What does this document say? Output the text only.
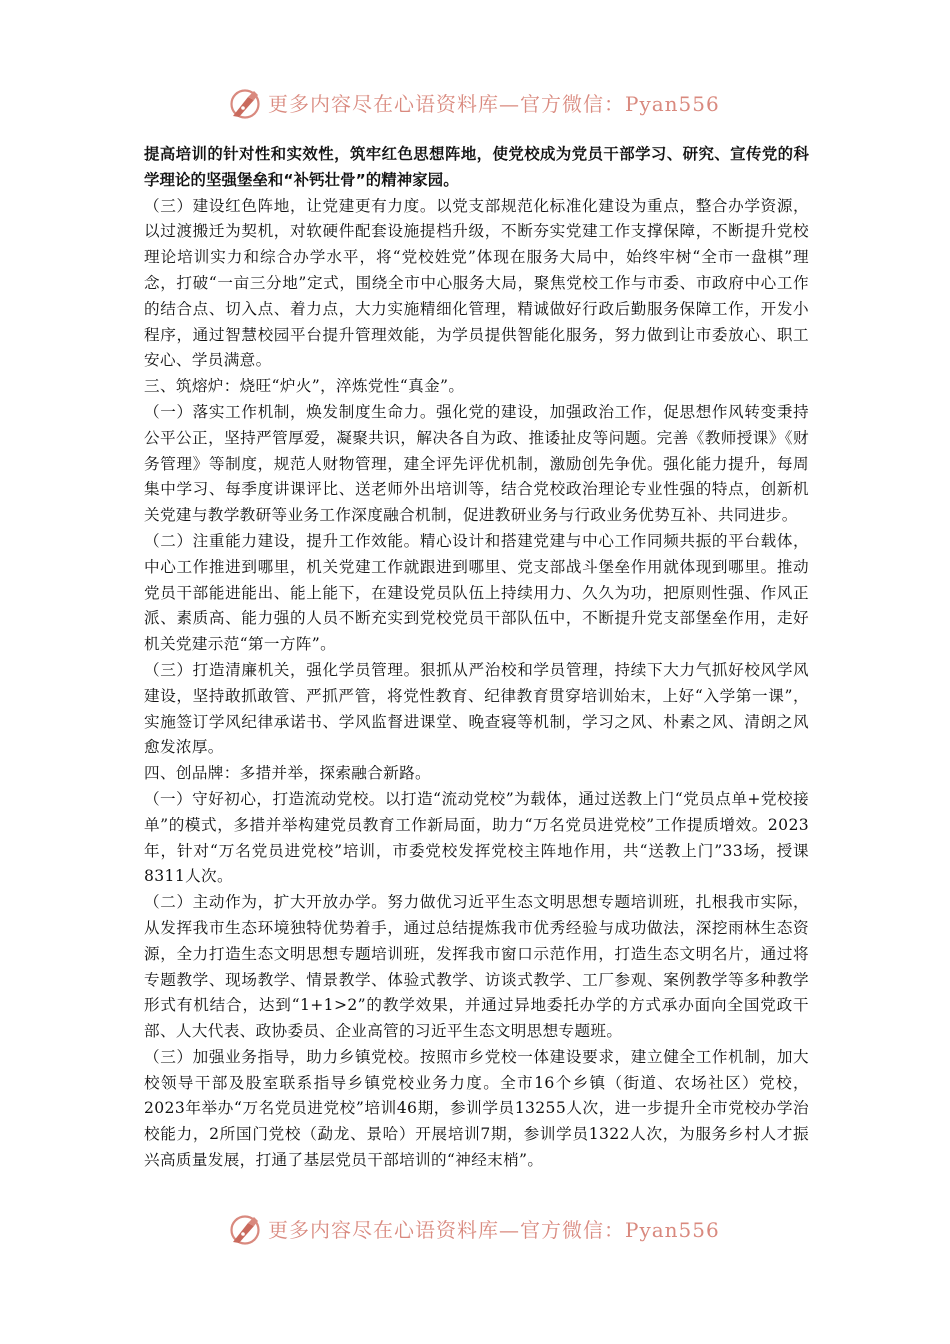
更多内容尽在心语资料库—官方微信：Pyan556

提高培训的针对性和实效性，筑牢红色思想阵地，使党校成为党员干部学习、研究、宣传党的科学理论的坚强堡垒和“补钙壮骨”的精神家园。

（三）建设红色阵地，让党建更有力度。以党支部规范化标准化建设为重点，整合办学资源，以过渡搬迁为契机，对软硬件配套设施提档升级，不断夯实党建工作支撑保障，不断提升党校理论培训实力和综合办学水平，将“党校姓党”体现在服务大局中，始终牢树“全市一盘棋”理念，打破“一亩三分地”定式，围绕全市中心服务大局，聚焦党校工作与市委、市政府中心工作的结合点、切入点、着力点，大力实施精细化管理，精诚做好行政后勤服务保障工作，开发小程序，通过智慧校园平台提升管理效能，为学员提供智能化服务，努力做到让市委放心、职工安心、学员满意。

三、筑熔炉：烧旺“炉火”，淬炼党性“真金”。

（一）落实工作机制，焕发制度生命力。强化党的建设，加强政治工作，促思想作风转变秉持公平公正，坚持严管厚爱，凝聚共识，解决各自为政、推诿扯皮等问题。完善《教师授课》《财务管理》等制度，规范人财物管理，建全评先评优机制，激励创先争优。强化能力提升，每周集中学习、每季度讲课评比、送老师外出培训等，结合党校政治理论专业性强的特点，创新机关党建与教学教研等业务工作深度融合机制，促进教研业务与行政业务优势互补、共同进步。

（二）注重能力建设，提升工作效能。精心设计和搭建党建与中心工作同频共振的平台载体，中心工作推进到哪里，机关党建工作就跟进到哪里、党支部战斗堡垒作用就体现到哪里。推动党员干部能进能出、能上能下，在建设党员队伍上持续用力、久久为功，把原则性强、作风正派、素质高、能力强的人员不断充实到党校党员干部队伍中，不断提升党支部堡垒作用，走好机关党建示范“第一方阵”。

（三）打造清廉机关，强化学员管理。狠抓从严治校和学员管理，持续下大力气抓好校风学风建设，坚持敢抓敢管、严抓严管，将党性教育、纪律教育贯穿培训始末，上好“入学第一课”，实施签订学风纪律承诺书、学风监督进课堂、晚查寝等机制，学习之风、朴素之风、清朗之风愈发浓厚。

四、创品牌：多措并举，探索融合新路。

（一）守好初心，打造流动党校。以打造“流动党校”为载体，通过送教上门“党员点单+党校接单”的模式，多措并举构建党员教育工作新局面，助力“万名党员进党校”工作提质增效。2023年，针对“万名党员进党校”培训，市委党校发挥党校主阵地作用，共“送教上门”33场，授课8311人次。

（二）主动作为，扩大开放办学。努力做优习近平生态文明思想专题培训班，扎根我市实际，从发挥我市生态环境独特优势着手，通过总结提炼我市优秀经验与成功做法，深挖雨林生态资源，全力打造生态文明思想专题培训班，发挥我市窗口示范作用，打造生态文明名片，通过将专题教学、现场教学、情景教学、体验式教学、访谈式教学、工厂参观、案例教学等多种教学形式有机结合，达到“1+1>2”的教学效果，并通过异地委托办学的方式承办面向全国党政干部、人大代表、政协委员、企业高管的习近平生态文明思想专题班。

（三）加强业务指导，助力乡镇党校。按照市乡党校一体建设要求，建立健全工作机制，加大校领导干部及股室联系指导乡镇党校业务力度。全市16个乡镇（街道、农场社区）党校，2023年举办“万名党员进党校”培训46期，参训学员13255人次，进一步提升全市党校办学治校能力，2所国门党校（勐龙、景哈）开展培训7期，参训学员1322人次，为服务乡村人才振兴高质量发展，打通了基层党员干部培训的“神经末梢”。

更多内容尽在心语资料库—官方微信：Pyan556
